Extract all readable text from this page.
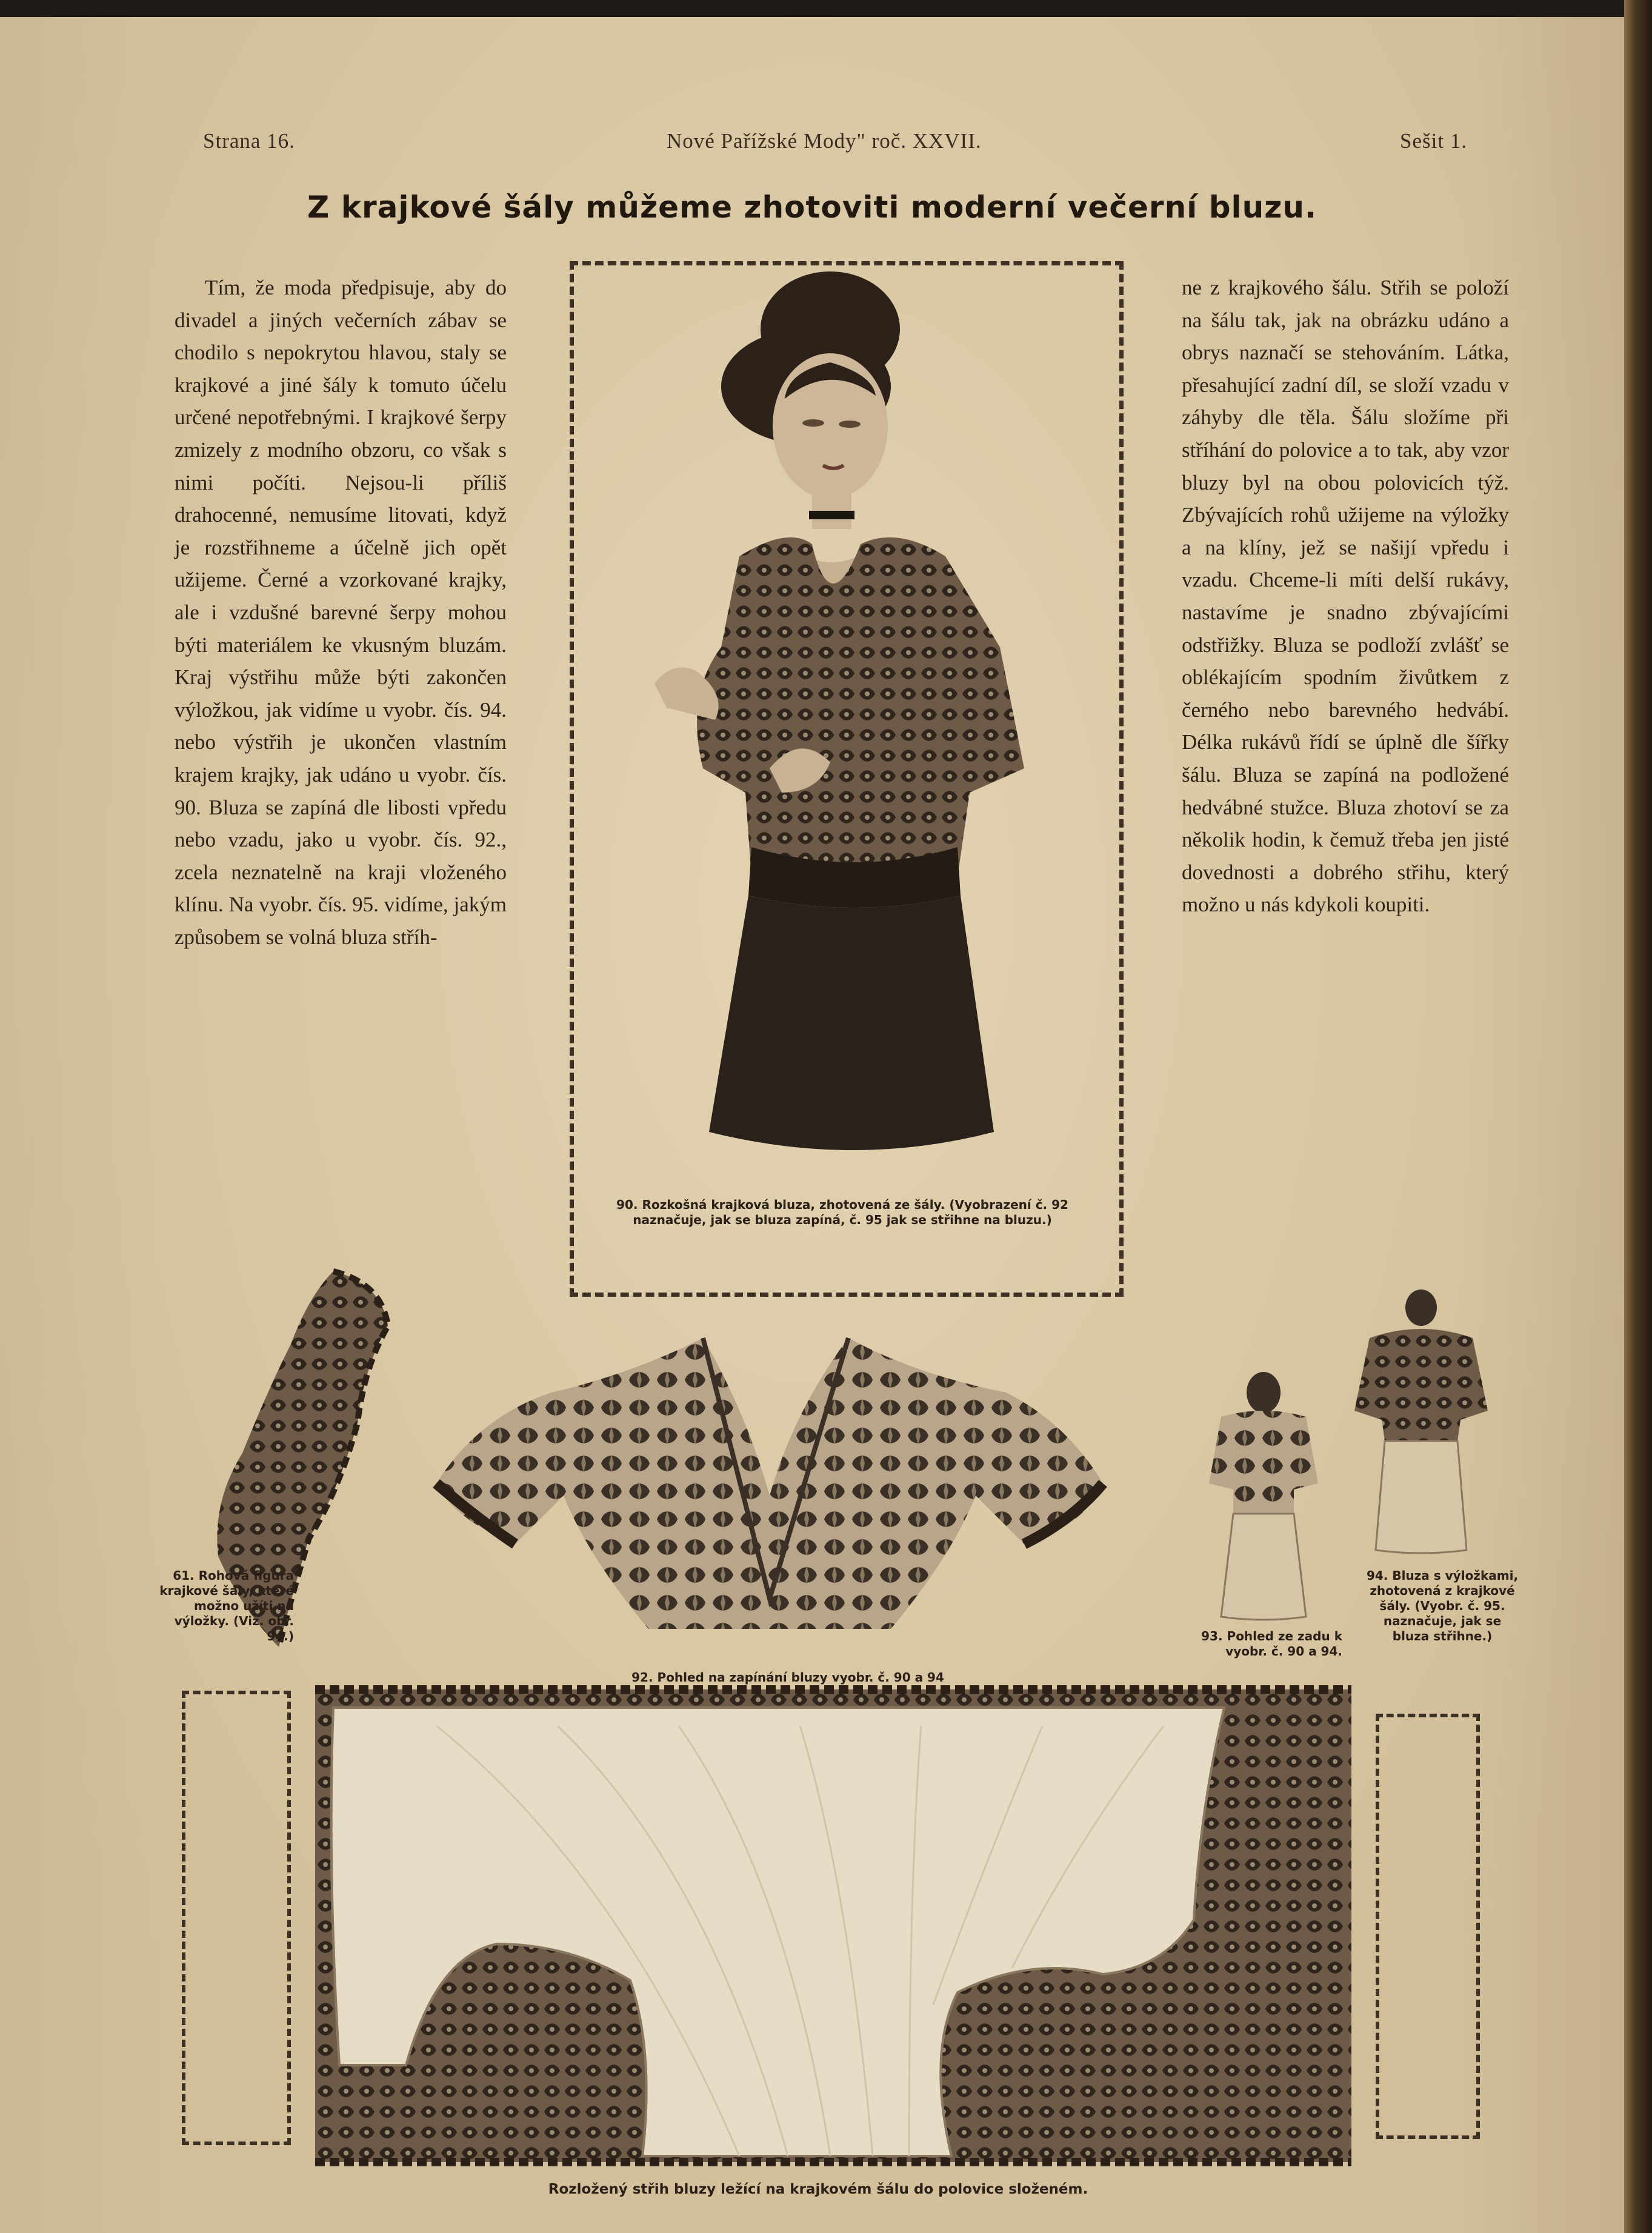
Strana 16.	Nové Pařížské Mody" roč. XXVII.	Sešit 1.
Z krajkové šály můžeme zhotoviti moderní večerní bluzu.

Tím, že moda předpisuje, aby do divadel a jiných večerních zábav se chodilo s nepokrytou hlavou, staly se krajkové a jiné šály k tomuto účelu určené nepotřebnými. I krajkové šerpy zmizely z modního obzoru, co však s nimi počíti. Nejsou-li příliš drahocenné, nemusíme litovati, když je rozstřihneme a účelně jich opět užijeme. Černé a vzorkované krajky, ale i vzdušné barevné šerpy mohou býti materiálem ke vkusným bluzám. Kraj výstřihu může býti zakončen výložkou, jak vidíme u vyobr. čís. 94. nebo výstřih je ukončen vlastním krajem krajky, jak udáno u vyobr. čís. 90. Bluza se zapíná dle libosti vpředu nebo vzadu, jako u vyobr. čís. 92., zcela neznatelně na kraji vloženého klínu. Na vyobr. čís. 95. vidíme, jakým způsobem se volná bluza stříh-

ne z krajkového šálu. Střih se položí na šálu tak, jak na obrázku udáno a obrys naznačí se stehováním. Látka, přesahující zadní díl, se složí vzadu v záhyby dle těla. Šálu složíme při stříhání do polovice a to tak, aby vzor bluzy byl na obou polovicích týž. Zbývajících rohů užijeme na výložky a na klíny, jež se našijí vpředu i vzadu. Chceme-li míti delší rukávy, nastavíme je snadno zbývajícími odstřižky. Bluza se podloží zvlášť se oblékajícím spodním živůtkem z černého nebo barevného hedvábí. Délka rukávů řídí se úplně dle šířky šálu. Bluza se zapíná na podložené hedvábné stužce. Bluza zhotoví se za několik hodin, k čemuž třeba jen jisté dovednosti a dobrého střihu, který možno u nás kdykoli koupiti.

90. Rozkošná krajková bluza, zhotovená ze šály. (Vyobrazení č. 92 naznačuje, jak se bluza zapíná, č. 95 jak se střihne na bluzu.)
61. Rohová figura krajkové šály, které možno užíti na výložky. (Viz. obr. 94.)
92. Pohled na zapínání bluzy vyobr. č. 90 a 94
93. Pohled ze zadu k vyobr. č. 90 a 94.
94. Bluza s výložkami, zhotovená z krajkové šály. (Vyobr. č. 95. naznačuje, jak se bluza střihne.)
Rozložený střih bluzy ležící na krajkovém šálu do polovice složeném.
